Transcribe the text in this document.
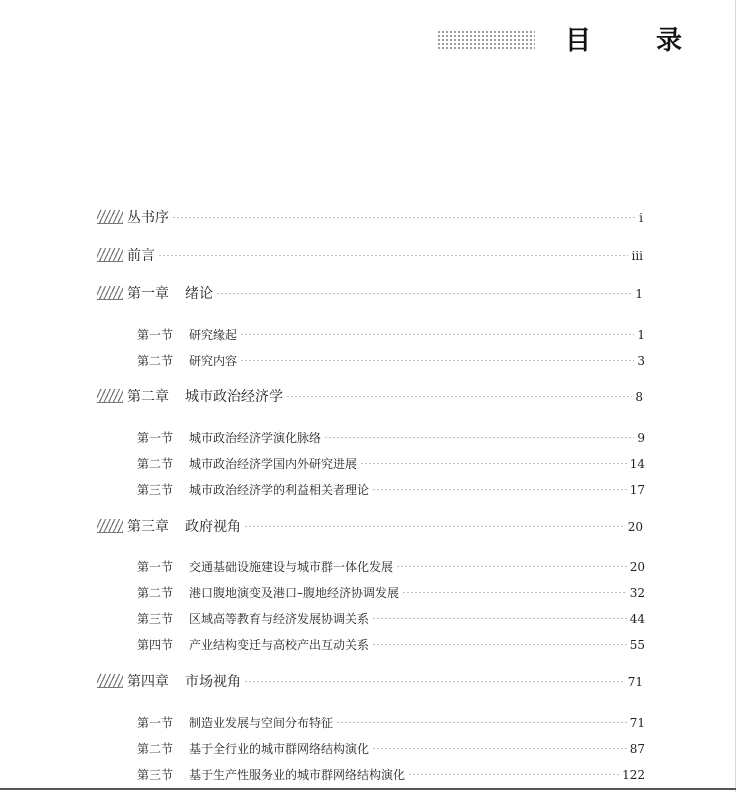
目 录
丛书序	i
前言	iii
第一章 绪论	1
第一节 研究缘起	1
第二节 研究内容	3
第二章 城市政治经济学	8
第一节 城市政治经济学演化脉络	9
第二节 城市政治经济学国内外研究进展	14
第三节 城市政治经济学的利益相关者理论	17
第三章 政府视角	20
第一节 交通基础设施建设与城市群一体化发展	20
第二节 港口腹地演变及港口–腹地经济协调发展	32
第三节 区域高等教育与经济发展协调关系	44
第四节 产业结构变迁与高校产出互动关系	55
第四章 市场视角	71
第一节 制造业发展与空间分布特征	71
第二节 基于全行业的城市群网络结构演化	87
第三节 基于生产性服务业的城市群网络结构演化	122
